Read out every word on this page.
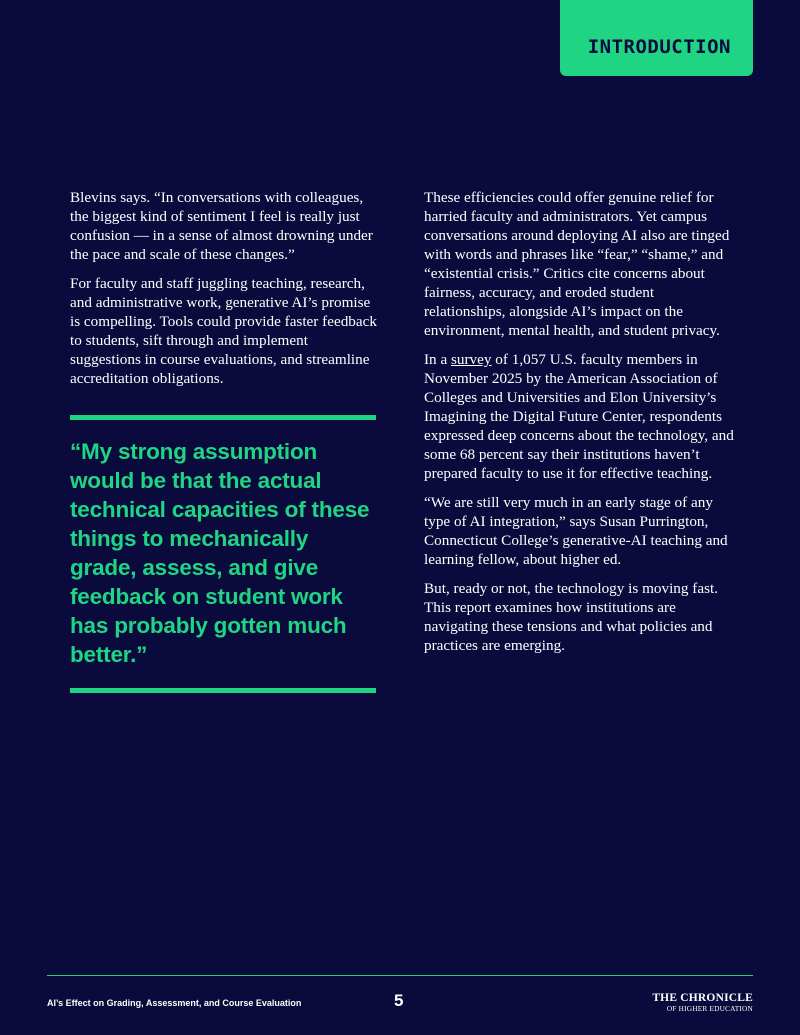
INTRODUCTION

Blevins says. “In conversations with colleagues, the biggest kind of sentiment I feel is really just confusion — in a sense of almost drowning under the pace and scale of these changes.”

For faculty and staff juggling teaching, research, and administrative work, generative AI’s promise is compelling. Tools could provide faster feedback to students, sift through and implement suggestions in course evaluations, and streamline accreditation obligations.

“My strong assumption would be that the actual technical capacities of these things to mechanically grade, assess, and give feedback on student work has probably gotten much better.”

These efficiencies could offer genuine relief for harried faculty and administrators. Yet campus conversations around deploying AI also are tinged with words and phrases like “fear,” “shame,” and “existential crisis.” Critics cite concerns about fairness, accuracy, and eroded student relationships, alongside AI’s impact on the environment, mental health, and student privacy.

In a survey of 1,057 U.S. faculty members in November 2025 by the American Association of Colleges and Universities and Elon University’s Imagining the Digital Future Center, respondents expressed deep concerns about the technology, and some 68 percent say their institutions haven’t prepared faculty to use it for effective teaching.

“We are still very much in an early stage of any type of AI integration,” says Susan Purrington, Connecticut College’s generative-AI teaching and learning fellow, about higher ed.

But, ready or not, the technology is moving fast. This report examines how institutions are navigating these tensions and what policies and practices are emerging.

AI’s Effect on Grading, Assessment, and Course Evaluation	5	THE CHRONICLE
OF HIGHER EDUCATION
